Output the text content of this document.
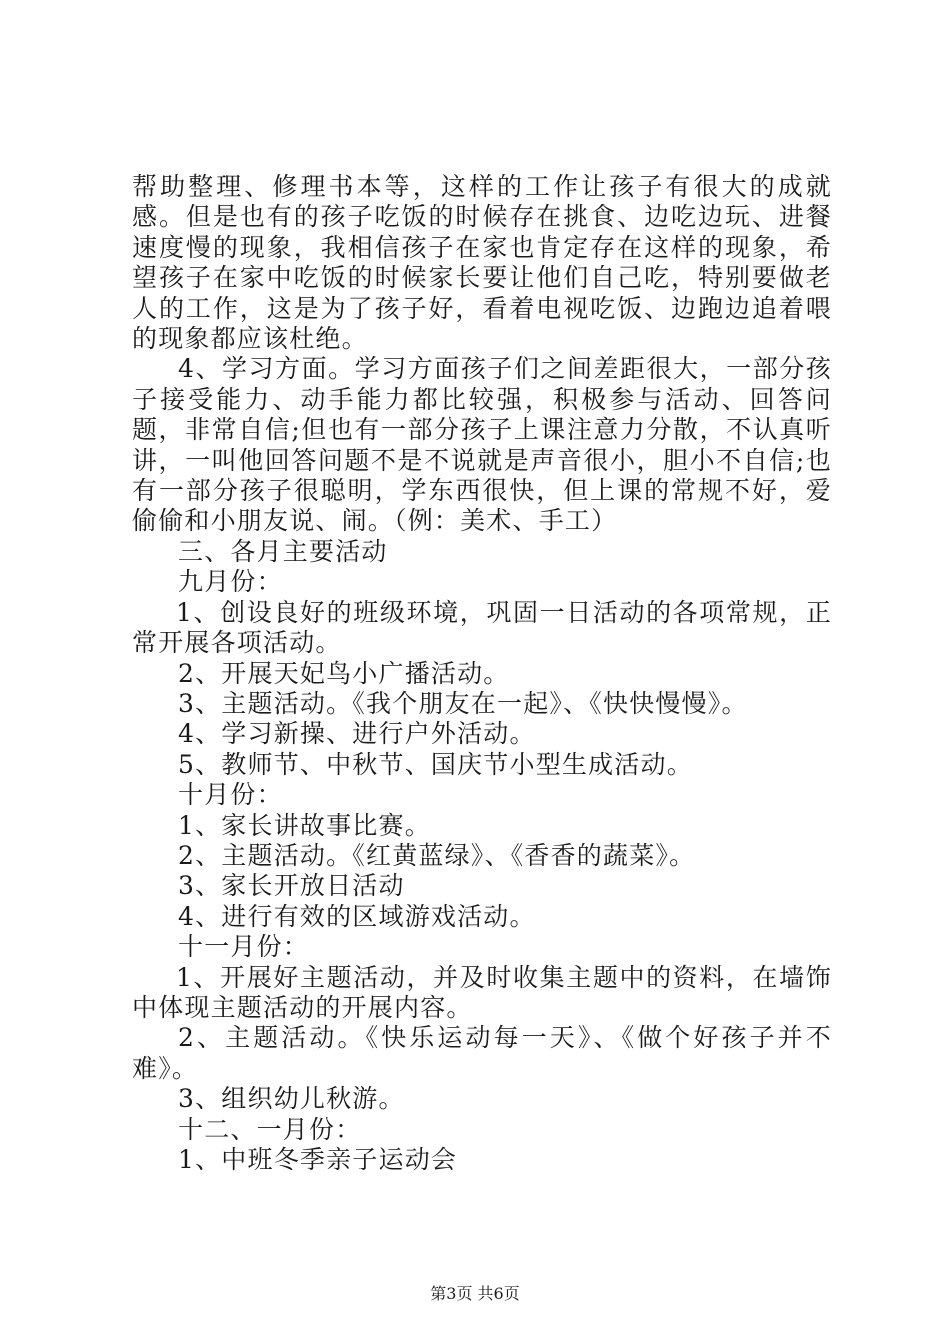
帮助整理、修理书本等，这样的工作让孩子有很大的成就感。但是也有的孩子吃饭的时候存在挑食、边吃边玩、进餐速度慢的现象，我相信孩子在家也肯定存在这样的现象，希望孩子在家中吃饭的时候家长要让他们自己吃，特别要做老人的工作，这是为了孩子好，看着电视吃饭、边跑边追着喂的现象都应该杜绝。

4、学习方面。学习方面孩子们之间差距很大，一部分孩子接受能力、动手能力都比较强，积极参与活动、回答问题，非常自信;但也有一部分孩子上课注意力分散，不认真听讲，一叫他回答问题不是不说就是声音很小，胆小不自信;也有一部分孩子很聪明，学东西很快，但上课的常规不好，爱偷偷和小朋友说、闹。（例：美术、手工）

三、各月主要活动

九月份：

1、创设良好的班级环境，巩固一日活动的各项常规，正常开展各项活动。

2、开展天妃鸟小广播活动。

3、主题活动。《我个朋友在一起》、《快快慢慢》。

4、学习新操、进行户外活动。

5、教师节、中秋节、国庆节小型生成活动。

十月份：

1、家长讲故事比赛。

2、主题活动。《红黄蓝绿》、《香香的蔬菜》。

3、家长开放日活动

4、进行有效的区域游戏活动。

十一月份：

1、开展好主题活动，并及时收集主题中的资料，在墙饰中体现主题活动的开展内容。

2、主题活动。《快乐运动每一天》、《做个好孩子并不难》。

3、组织幼儿秋游。

十二、一月份：

1、中班冬季亲子运动会

第3页 共6页
